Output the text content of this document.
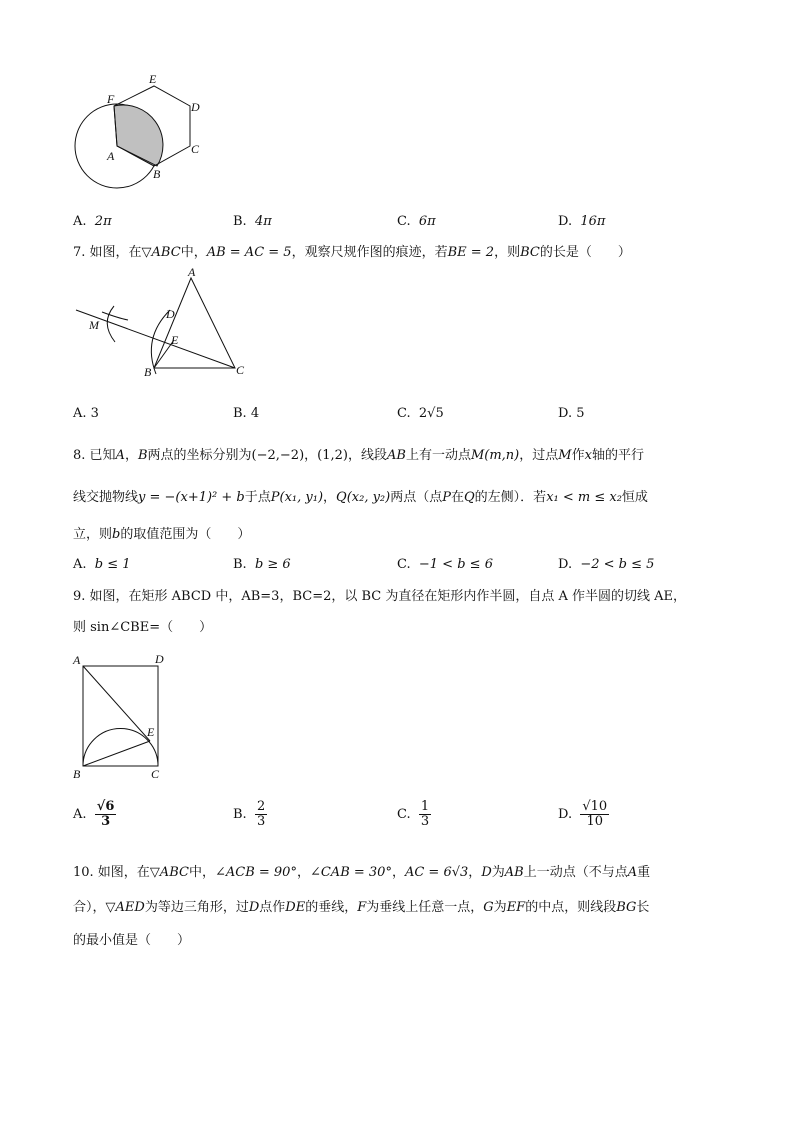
E
F
D
A	C
B
A. 2π	B. 4π	C. 6π	D. 16π
7. 如图，在▽ABC中，AB = AC = 5，观察尺规作图的痕迹，若BE = 2，则BC的长是（　　）
A
D
M
E
B	C
A. 3	B. 4	C. 2√5	D. 5
8. 已知A，B两点的坐标分别为(−2,−2)，(1,2)，线段AB上有一动点M(m,n)，过点M作x轴的平行
线交抛物线y = −(x+1)² + b于点P(x₁, y₁)，Q(x₂, y₂)两点（点P在Q的左侧）．若x₁ < m ≤ x₂恒成
立，则b的取值范围为（　　）
A. b ≤ 1	B. b ≥ 6	C. −1 < b ≤ 6	D. −2 < b ≤ 5
9. 如图，在矩形 ABCD 中，AB=3，BC=2，以 BC 为直径在矩形内作半圆，自点 A 作半圆的切线 AE，
则 sin∠CBE=（　　）
A	D
E
B	C
A. $\frac{√6}{3}$	B. $\frac{2}{3}$	C. $\frac{1}{3}$	D. $\frac{√10}{10}$
10. 如图，在▽ABC中，∠ACB = 90°，∠CAB = 30°，AC = 6√3，D为AB上一动点（不与点A重
合），▽AED为等边三角形，过D点作DE的垂线，F为垂线上任意一点，G为EF的中点，则线段BG长
的最小值是（　　）
